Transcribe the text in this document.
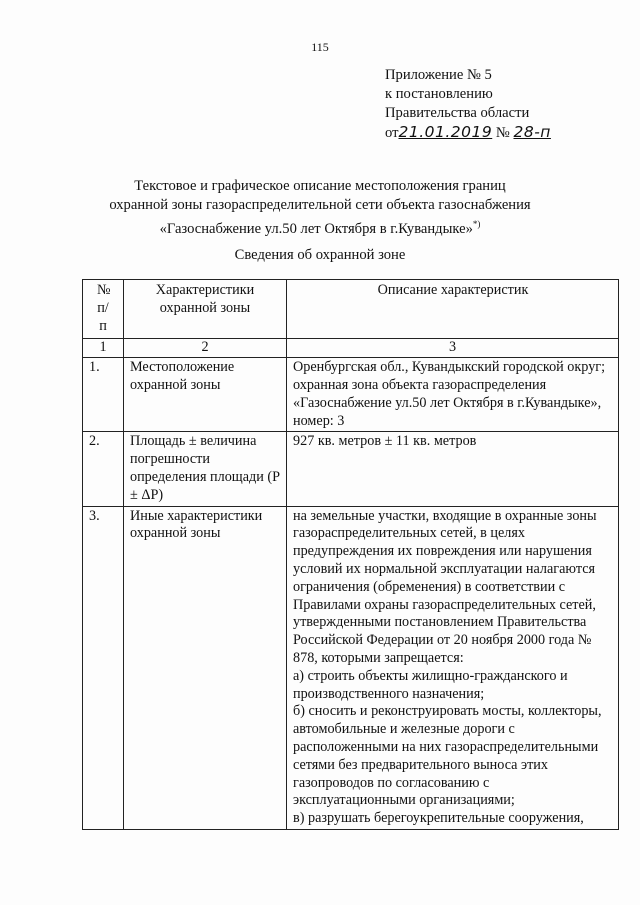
115
Приложение № 5
к постановлению
Правительства области
от21.01.2019 № 28-п
Текстовое и графическое описание местоположения границ
охранной зоны газораспределительной сети объекта газоснабжения
«Газоснабжение ул.50 лет Октября в г.Кувандыке»*)
Сведения об охранной зоне
№ п/п	Характеристики охранной зоны	Описание характеристик
1	2	3
1.	Местоположение охранной зоны	Оренбургская обл., Кувандыкский городской округ; охранная зона объекта газораспределения «Газоснабжение ул.50 лет Октября в г.Кувандыке», номер: 3
2.	Площадь ± величина погрешности определения площади (P ± ΔP)	927 кв. метров ± 11 кв. метров
3.	Иные характеристики охранной зоны	на земельные участки, входящие в охранные зоны газораспределительных сетей, в целях предупреждения их повреждения или нарушения условий их нормальной эксплуатации налагаются ограничения (обременения) в соответствии с Правилами охраны газораспределительных сетей, утвержденными постановлением Правительства Российской Федерации от 20 ноября 2000 года № 878, которыми запрещается:
а) строить объекты жилищно-гражданского и производственного назначения;
б) сносить и реконструировать мосты, коллекторы, автомобильные и железные дороги с расположенными на них газораспределительными сетями без предварительного выноса этих газопроводов по согласованию с эксплуатационными организациями;
в) разрушать берегоукрепительные сооружения,
